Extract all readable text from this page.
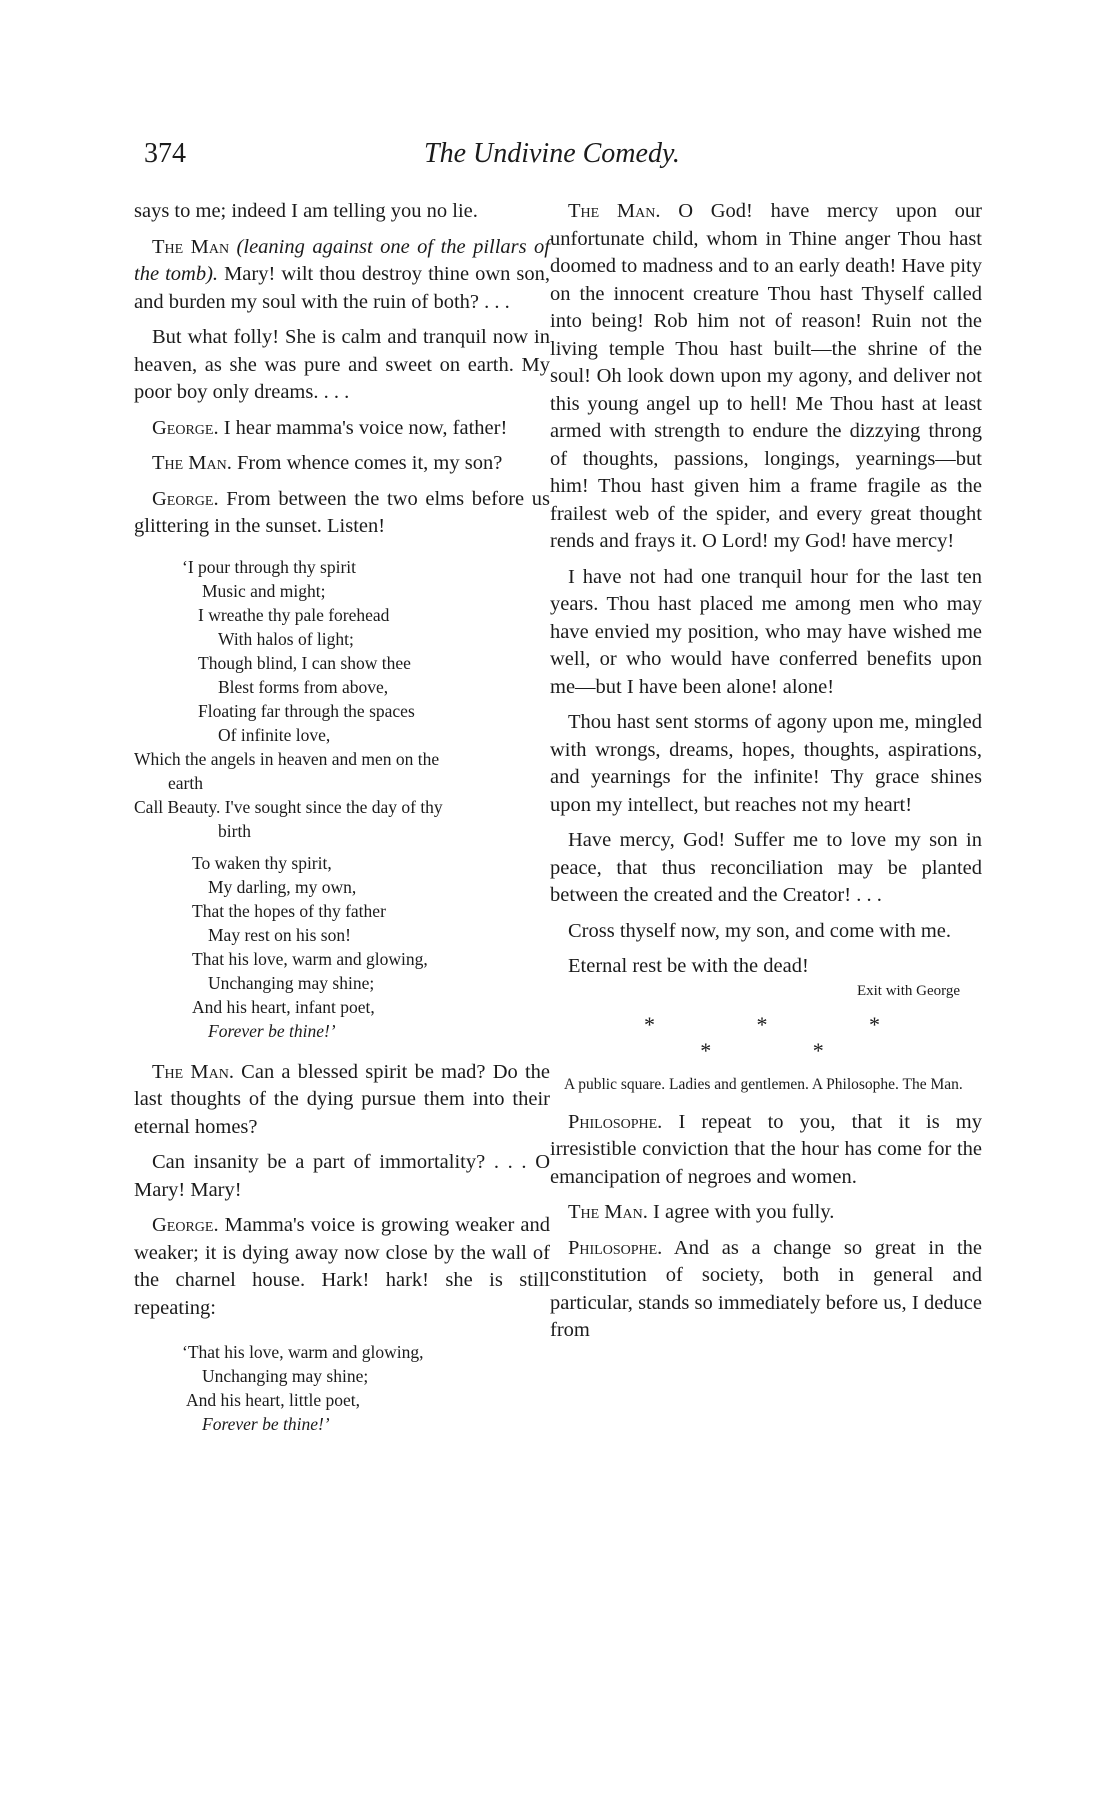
374	The Undivine Comedy.

says to me; indeed I am telling you no lie.

The Man (leaning against one of the pillars of the tomb). Mary! wilt thou destroy thine own son, and burden my soul with the ruin of both? . . .

But what folly! She is calm and tranquil now in heaven, as she was pure and sweet on earth. My poor boy only dreams. . . .

George. I hear mamma's voice now, father!

The Man. From whence comes it, my son?

George. From between the two elms before us glittering in the sunset. Listen!

‘I pour through thy spirit
Music and might;
I wreathe thy pale forehead
With halos of light;
Though blind, I can show thee
Blest forms from above,
Floating far through the spaces
Of infinite love,
Which the angels in heaven and men on the
earth
Call Beauty. I've sought since the day of thy
birth
To waken thy spirit,
My darling, my own,
That the hopes of thy father
May rest on his son!
That his love, warm and glowing,
Unchanging may shine;
And his heart, infant poet,
Forever be thine!’

The Man. Can a blessed spirit be mad? Do the last thoughts of the dying pursue them into their eternal homes?

Can insanity be a part of immortality? . . . O Mary! Mary!

George. Mamma's voice is growing weaker and weaker; it is dying away now close by the wall of the charnel house. Hark! hark! she is still repeating:

‘That his love, warm and glowing,
Unchanging may shine;
And his heart, little poet,
Forever be thine!’

The Man. O God! have mercy upon our unfortunate child, whom in Thine anger Thou hast doomed to madness and to an early death! Have pity on the innocent creature Thou hast Thyself called into being! Rob him not of reason! Ruin not the living temple Thou hast built—the shrine of the soul! Oh look down upon my agony, and deliver not this young angel up to hell! Me Thou hast at least armed with strength to endure the dizzying throng of thoughts, passions, longings, yearnings—but him! Thou hast given him a frame fragile as the frailest web of the spider, and every great thought rends and frays it. O Lord! my God! have mercy!

I have not had one tranquil hour for the last ten years. Thou hast placed me among men who may have envied my position, who may have wished me well, or who would have conferred benefits upon me—but I have been alone! alone!

Thou hast sent storms of agony upon me, mingled with wrongs, dreams, hopes, thoughts, aspirations, and yearnings for the infinite! Thy grace shines upon my intellect, but reaches not my heart!

Have mercy, God! Suffer me to love my son in peace, that thus reconciliation may be planted between the created and the Creator! . . .

Cross thyself now, my son, and come with me.

Eternal rest be with the dead!

Exit with George
* * * * *
A public square. Ladies and gentlemen. A Philosophe. The Man.

Philosophe. I repeat to you, that it is my irresistible conviction that the hour has come for the emancipation of negroes and women.

The Man. I agree with you fully.

Philosophe. And as a change so great in the constitution of society, both in general and particular, stands so immediately before us, I deduce from
